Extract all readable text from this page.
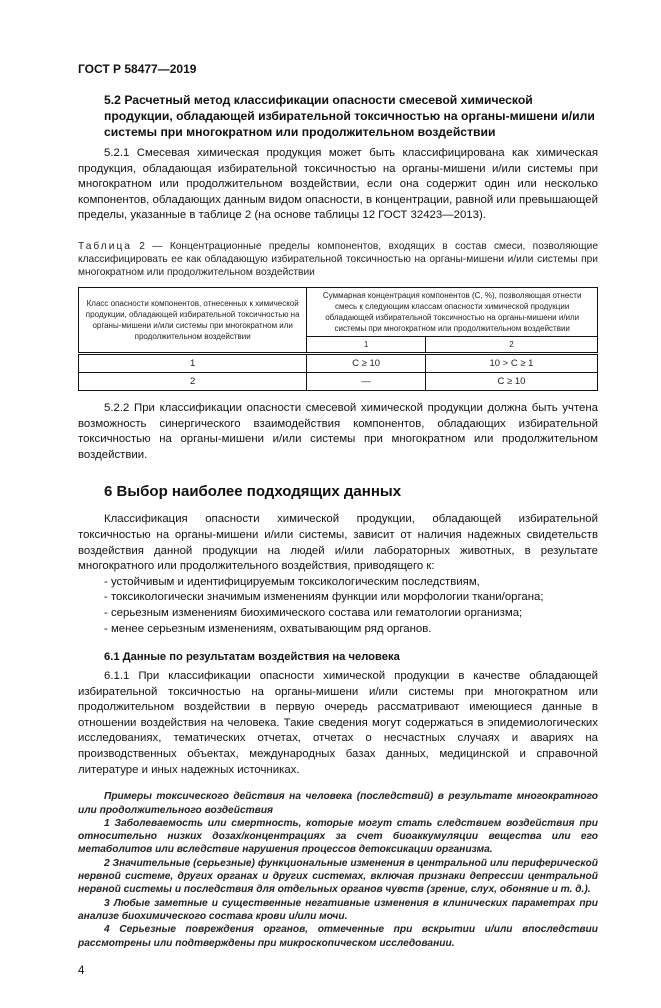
ГОСТ Р 58477—2019
5.2 Расчетный метод классификации опасности смесевой химической продукции, обладающей избирательной токсичностью на органы-мишени и/или системы при многократном или продолжительном воздействии

5.2.1 Смесевая химическая продукция может быть классифицирована как химическая продукция, обладающая избирательной токсичностью на органы-мишени и/или системы при многократном или продолжительном воздействии, если она содержит один или несколько компонентов, обладающих данным видом опасности, в концентрации, равной или превышающей пределы, указанные в таблице 2 (на основе таблицы 12 ГОСТ 32423—2013).

Таблица 2 — Концентрационные пределы компонентов, входящих в состав смеси, позволяющие классифицировать ее как обладающую избирательной токсичностью на органы-мишени и/или системы при многократном или продолжительном воздействии
Класс опасности компонентов, отнесенных к химической продукции, обладающей избирательной токсичностью на органы-мишени и/или системы при многократном или продолжительном воздействии	Суммарная концентрация компонентов (С, %), позволяющая отнести смесь к следующим классам опасности химической продукции обладающей избирательной токсичностью на органы-мишени и/или системы при многократном или продолжительном воздействии	
	1	2
1	C ≥ 10	10 > C ≥ 1
2	—	C ≥ 10

5.2.2 При классификации опасности смесевой химической продукции должна быть учтена возможность синергического взаимодействия компонентов, обладающих избирательной токсичностью на органы-мишени и/или системы при многократном или продолжительном воздействии.

6 Выбор наиболее подходящих данных

Классификация опасности химической продукции, обладающей избирательной токсичностью на органы-мишени и/или системы, зависит от наличия надежных свидетельств воздействия данной продукции на людей и/или лабораторных животных, в результате многократного или продолжительного воздействия, приводящего к:

- устойчивым и идентифицируемым токсикологическим последствиям,
- токсикологически значимым изменениям функции или морфологии ткани/органа;
- серьезным изменениям биохимического состава или гематологии организма;
- менее серьезным изменениям, охватывающим ряд органов.
6.1 Данные по результатам воздействия на человека

6.1.1 При классификации опасности химической продукции в качестве обладающей избирательной токсичностью на органы-мишени и/или системы при многократном или продолжительном воздействии в первую очередь рассматривают имеющиеся данные в отношении воздействия на человека. Такие сведения могут содержаться в эпидемиологических исследованиях, тематических отчетах, отчетах о несчастных случаях и авариях на производственных объектах, международных базах данных, медицинской и справочной литературе и иных надежных источниках.

Примеры токсического действия на человека (последствий) в результате многократного или продолжительного воздействия

1 Заболеваемость или смертность, которые могут стать следствием воздействия при относительно низких дозах/концентрациях за счет биоаккумуляции вещества или его метаболитов или вследствие нарушения процессов детоксикации организма.

2 Значительные (серьезные) функциональные изменения в центральной или периферической нервной системе, других органах и других системах, включая признаки депрессии центральной нервной системы и последствия для отдельных органов чувств (зрение, слух, обоняние и т. д.).

3 Любые заметные и существенные негативные изменения в клинических параметрах при анализе биохимического состава крови и/или мочи.

4 Серьезные повреждения органов, отмеченные при вскрытии и/или впоследствии рассмотрены или подтверждены при микроскопическом исследовании.

4
